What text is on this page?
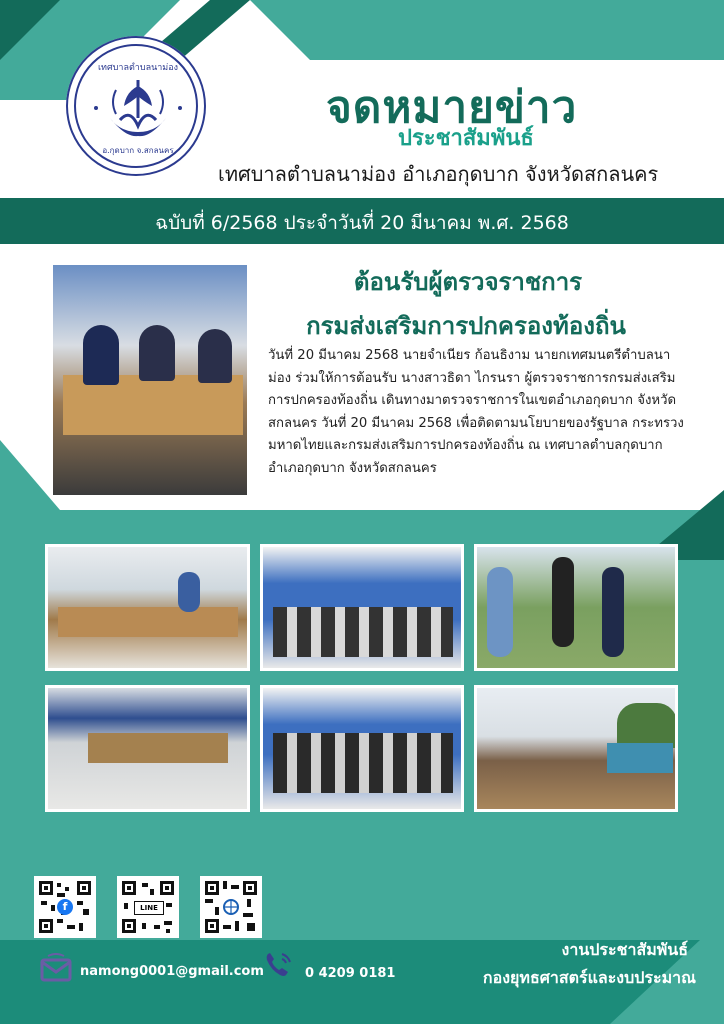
เทศบาลตำบลนาม่อง
อ.กุดบาก จ.สกลนคร
จดหมายข่าว
ประชาสัมพันธ์
เทศบาลตำบลนาม่อง อำเภอกุดบาก จังหวัดสกลนคร
ฉบับที่ 6/2568 ประจำวันที่ 20 มีนาคม พ.ศ. 2568
ต้อนรับผู้ตรวจราชการ
กรมส่งเสริมการปกครองท้องถิ่น
วันที่ 20 มีนาคม 2568 นายจำเนียร ก้อนธิงาม นายกเทศมนตรีตำบลนาม่อง ร่วมให้การต้อนรับ นางสาวธิดา ไกรนรา ผู้ตรวจราชการกรมส่งเสริมการปกครองท้องถิ่น เดินทางมาตรวจราชการในเขตอำเภอกุดบาก จังหวัดสกลนคร วันที่ 20 มีนาคม 2568 เพื่อติดตามนโยบายของรัฐบาล กระทรวงมหาดไทยและกรมส่งเสริมการปกครองท้องถิ่น ณ เทศบาลตำบลกุดบาก อำเภอกุดบาก จังหวัดสกลนคร
f	LINE
namong0001@gmail.com	0 4209 0181
งานประชาสัมพันธ์
กองยุทธศาสตร์และงบประมาณ
